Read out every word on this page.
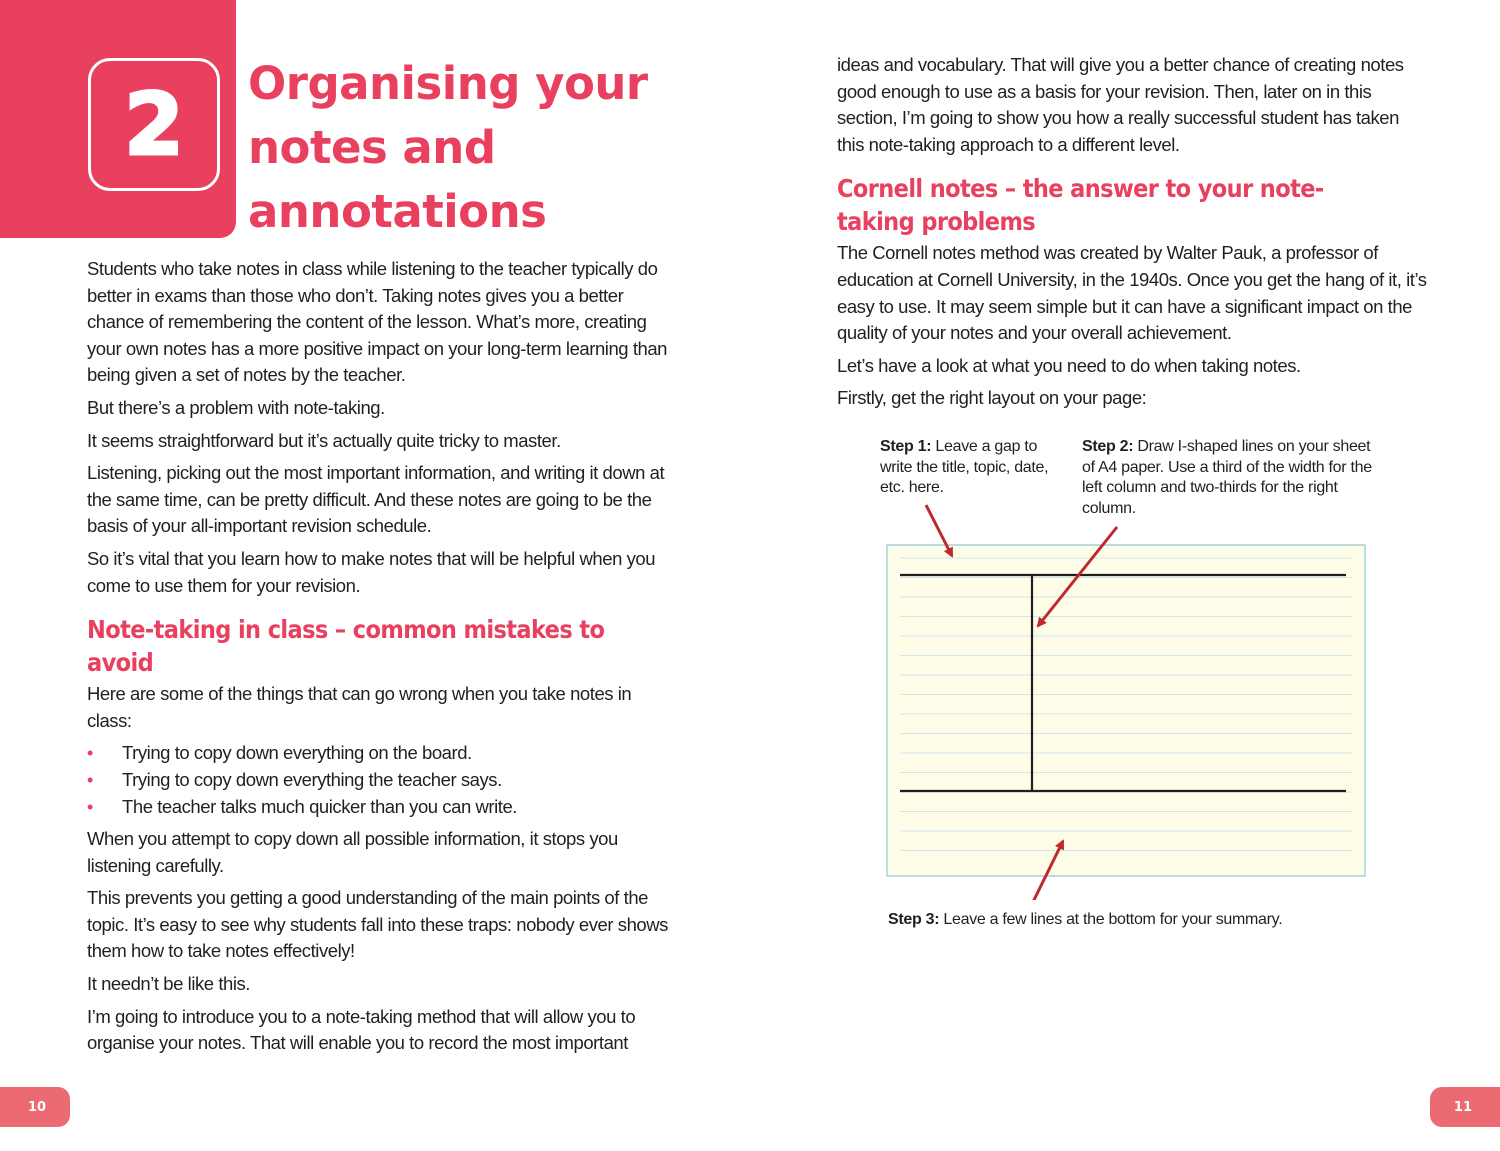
2 Organising your notes and annotations

Students who take notes in class while listening to the teacher typically do better in exams than those who don’t. Taking notes gives you a better chance of remembering the content of the lesson. What’s more, creating your own notes has a more positive impact on your long-term learning than being given a set of notes by the teacher.

But there’s a problem with note-taking.

It seems straightforward but it’s actually quite tricky to master.

Listening, picking out the most important information, and writing it down at the same time, can be pretty difficult. And these notes are going to be the basis of your all-important revision schedule.

So it’s vital that you learn how to make notes that will be helpful when you come to use them for your revision.

Note-taking in class – common mistakes to avoid

Here are some of the things that can go wrong when you take notes in class:

• Trying to copy down everything on the board.
• Trying to copy down everything the teacher says.
• The teacher talks much quicker than you can write.

When you attempt to copy down all possible information, it stops you listening carefully.

This prevents you getting a good understanding of the main points of the topic. It’s easy to see why students fall into these traps: nobody ever shows them how to take notes effectively!

It needn’t be like this.

I’m going to introduce you to a note-taking method that will allow you to organise your notes. That will enable you to record the most important

ideas and vocabulary. That will give you a better chance of creating notes good enough to use as a basis for your revision. Then, later on in this section, I’m going to show you how a really successful student has taken this note-taking approach to a different level.

Cornell notes – the answer to your note-taking problems

The Cornell notes method was created by Walter Pauk, a professor of education at Cornell University, in the 1940s. Once you get the hang of it, it’s easy to use. It may seem simple but it can have a significant impact on the quality of your notes and your overall achievement.

Let’s have a look at what you need to do when taking notes.

Firstly, get the right layout on your page:

Step 1: Leave a gap to write the title, topic, date, etc. here.
Step 2: Draw I-shaped lines on your sheet of A4 paper. Use a third of the width for the left column and two-thirds for the right column.
Step 3: Leave a few lines at the bottom for your summary.
10	11
